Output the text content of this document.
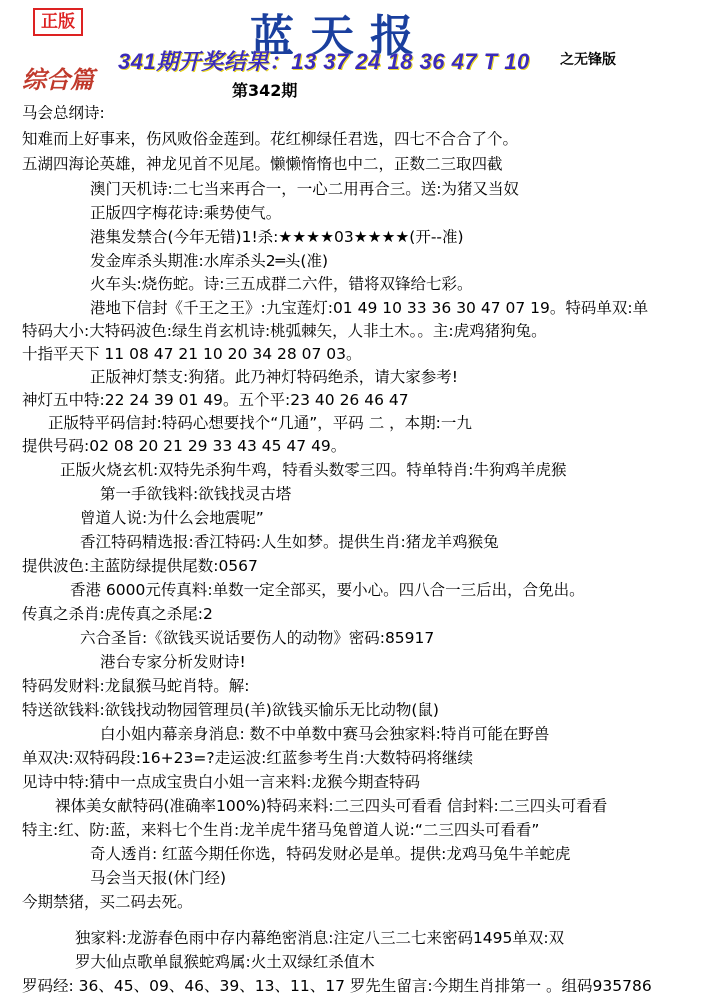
正版	蓝天报
341期开奖结果：13 37 24 18 36 47 T 10 之无锋版
综合篇	第342期
马会总纲诗:
知难而上好事来，伤风败俗金莲到。花红柳绿任君选，四七不合合了个。
五湖四海论英雄，神龙见首不见尾。懒懒惰惰也中二，正数二三取四截
澳门天机诗:二七当来再合一，一心二用再合三。送:为猪又当奴
正版四字梅花诗:乘势使气。
港集发禁合(今年无错)1!杀:★★★★03★★★★(开--准)
发金库杀头期准:水库杀头2═头(准)
火车头:烧伤蛇。诗:三五成群二六件，错将双锋给七彩。
港地下信封《千王之王》:九宝莲灯:01 49 10 33 36 30 47 07 19。特码单双:单
特码大小:大特码波色:绿生肖玄机诗:桃弧棘矢，人非土木。。主:虎鸡猪狗兔。
十指平天下 11 08 47 21 10 20 34 28 07 03。
正版神灯禁支:狗猪。此乃神灯特码绝杀，请大家参考!
神灯五中特:22 24 39 01 49。五个平:23 40 26 46 47
正版特平码信封:特码心想要找个“几通”，平码 二 ，本期:一九
提供号码:02 08 20 21 29 33 43 45 47 49。
正版火烧玄机:双特先杀狗牛鸡，特看头数零三四。特单特肖:牛狗鸡羊虎猴
第一手欲钱料:欲钱找灵古塔
曾道人说:为什么会地震呢”
香江特码精选报:香江特码:人生如梦。提供生肖:猪龙羊鸡猴兔
提供波色:主蓝防绿提供尾数:0567
香港 6000元传真料:单数一定全部买，要小心。四八合一三后出，合免出。
传真之杀肖:虎传真之杀尾:2
六合圣旨:《欲钱买说话要伤人的动物》密码:85917
港台专家分析发财诗!
特码发财料:龙鼠猴马蛇肖特。解:
特送欲钱料:欲钱找动物园管理员(羊)欲钱买愉乐无比动物(鼠)
白小姐内幕亲身消息: 数不中单数中赛马会独家料:特肖可能在野兽
单双决:双特码段:16+23=?走运波:红蓝参考生肖:大数特码将继续
见诗中特:猜中一点成宝贵白小姐一言来料:龙猴今期查特码
裸体美女献特码(准确率100%)特码来料:二三四头可看看 信封料:二三四头可看看
特主:红、防:蓝，来料七个生肖:龙羊虎牛猪马兔曾道人说:“二三四头可看看”
奇人透肖: 红蓝今期任你选，特码发财必是单。提供:龙鸡马兔牛羊蛇虎
马会当天报(休门经)
今期禁猪，买二码去死。
独家料:龙游春色雨中存内幕绝密消息:注定八三二七来密码1495单双:双
罗大仙点歌单鼠猴蛇鸡属:火土双绿红杀值木
罗码经: 36、45、09、46、39、13、11、17 罗先生留言:今期生肖排第一 。组码935786
